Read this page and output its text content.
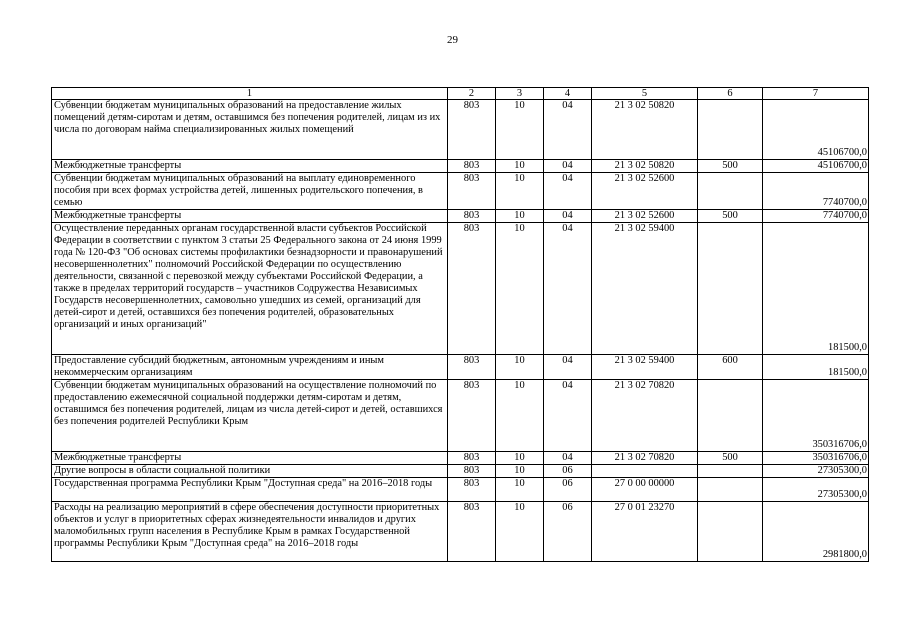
29
1	2	3	4	5	6	7
Субвенции бюджетам муниципальных образований на предоставление жилых помещений детям-сиротам и детям, оставшимся без попечения родителей, лицам из их числа по договорам найма специализированных жилых помещений	803	10	04	21 3 02 50820		45106700,0
Межбюджетные трансферты	803	10	04	21 3 02 50820	500	45106700,0
Субвенции бюджетам муниципальных образований на выплату единовременного пособия при всех формах устройства детей, лишенных родительского попечения, в семью	803	10	04	21 3 02 52600		7740700,0
Межбюджетные трансферты	803	10	04	21 3 02 52600	500	7740700,0
Осуществление переданных органам государственной власти субъектов Российской Федерации в соответствии с пунктом 3 статьи 25 Федерального закона от 24 июня 1999 года № 120-ФЗ "Об основах системы профилактики безнадзорности и правонарушений несовершеннолетних" полномочий Российской Федерации по осуществлению деятельности, связанной с перевозкой между субъектами Российской Федерации, а также в пределах территорий государств – участников Содружества Независимых Государств несовершеннолетних, самовольно ушедших из семей, организаций для детей-сирот и детей, оставшихся без попечения родителей, образовательных организаций и иных организаций"	803	10	04	21 3 02 59400		181500,0
Предоставление субсидий бюджетным, автономным учреждениям и иным некоммерческим организациям	803	10	04	21 3 02 59400	600	181500,0
Субвенции бюджетам муниципальных образований на осуществление полномочий по предоставлению ежемесячной социальной поддержки детям-сиротам и детям, оставшимся без попечения родителей, лицам из числа детей-сирот и детей, оставшихся без попечения родителей Республики Крым	803	10	04	21 3 02 70820		350316706,0
Межбюджетные трансферты	803	10	04	21 3 02 70820	500	350316706,0
Другие вопросы в области социальной политики	803	10	06			27305300,0
Государственная программа Республики Крым "Доступная среда" на 2016–2018 годы	803	10	06	27 0 00 00000		27305300,0
Расходы на реализацию мероприятий в сфере обеспечения доступности приоритетных объектов и услуг в приоритетных сферах жизнедеятельности инвалидов и других маломобильных групп населения в Республике Крым в рамках Государственной программы Республики Крым "Доступная среда" на 2016–2018 годы	803	10	06	27 0 01 23270		2981800,0
